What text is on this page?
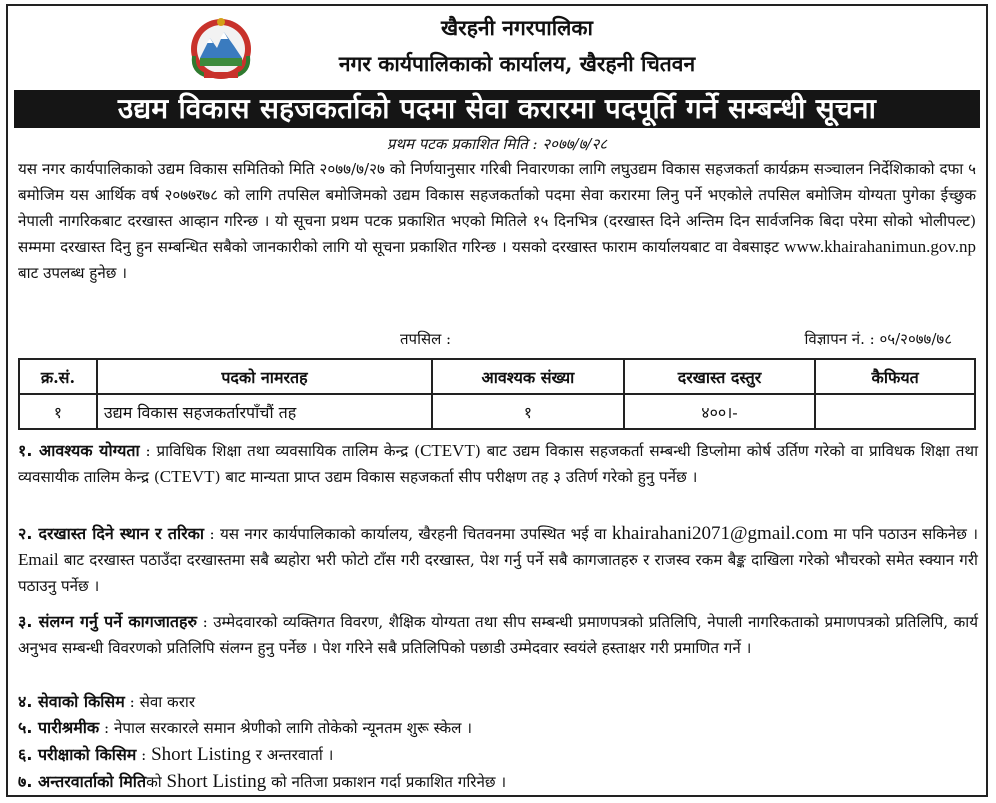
खैरहनी नगरपालिका
नगर कार्यपालिकाको कार्यालय, खैरहनी चितवन
उद्यम विकास सहजकर्ताको पदमा सेवा करारमा पदपूर्ति गर्ने सम्बन्धी सूचना
प्रथम पटक प्रकाशित मिति : २०७७/७/२८
यस नगर कार्यपालिकाको उद्यम विकास समितिको मिति २०७७/७/२७ को निर्णयानुसार गरिबी निवारणका लागि लघुउद्यम विकास सहजकर्ता कार्यक्रम सञ्चालन निर्देशिकाको दफा ५ बमोजिम यस आर्थिक वर्ष २०७७र७८ को लागि तपसिल बमोजिमको उद्यम विकास सहजकर्ताको पदमा सेवा करारमा लिनु पर्ने भएकोले तपसिल बमोजिम योग्यता पुगेका ईच्छुक नेपाली नागरिकबाट दरखास्त आव्हान गरिन्छ । यो सूचना प्रथम पटक प्रकाशित भएको मितिले १५ दिनभित्र (दरखास्त दिने अन्तिम दिन सार्वजनिक बिदा परेमा सोको भोलीपल्ट) सम्ममा दरखास्त दिनु हुन सम्बन्धित सबैको जानकारीको लागि यो सूचना प्रकाशित गरिन्छ । यसको दरखास्त फाराम कार्यालयबाट वा वेबसाइट www.khairahanimun.gov.np बाट उपलब्ध हुनेछ ।
तपसिल :	विज्ञापन नं. : ०५/२०७७/७८
क्र.सं.	पदको नामरतह	आवश्यक संख्या	दरखास्त दस्तुर	कैफियत
१	उद्यम विकास सहजकर्तारपाँचौं तह	१	४००।-	
१. आवश्यक योग्यता : प्राविधिक शिक्षा तथा व्यवसायिक तालिम केन्द्र (CTEVT) बाट उद्यम विकास सहजकर्ता सम्बन्धी डिप्लोमा कोर्ष उर्तिण गरेको वा प्राविधक शिक्षा तथा व्यवसायीक तालिम केन्द्र (CTEVT) बाट मान्यता प्राप्त उद्यम विकास सहजकर्ता सीप परीक्षण तह ३ उतिर्ण गरेको हुनु पर्नेछ ।
२. दरखास्त दिने स्थान र तरिका : यस नगर कार्यपालिकाको कार्यालय, खैरहनी चितवनमा उपस्थित भई वा khairahani2071@gmail.com मा पनि पठाउन सकिनेछ । Email बाट दरखास्त पठाउँदा दरखास्तमा सबै ब्यहोरा भरी फोटो टाँस गरी दरखास्त, पेश गर्नु पर्ने सबै कागजातहरु र राजस्व रकम बैङ्क दाखिला गरेको भौचरको समेत स्क्यान गरी पठाउनु पर्नेछ ।
३. संलग्न गर्नु पर्ने कागजातहरु : उम्मेदवारको व्यक्तिगत विवरण, शैक्षिक योग्यता तथा सीप सम्बन्धी प्रमाणपत्रको प्रतिलिपि, नेपाली नागरिकताको प्रमाणपत्रको प्रतिलिपि, कार्य अनुभव सम्बन्धी विवरणको प्रतिलिपि संलग्न हुनु पर्नेछ । पेश गरिने सबै प्रतिलिपिको पछाडी उम्मेदवार स्वयंले हस्ताक्षर गरी प्रमाणित गर्ने ।
४. सेवाको किसिम : सेवा करार
५. पारीश्रमीक : नेपाल सरकारले समान श्रेणीको लागि तोकेको न्यूनतम शुरू स्केल ।
६. परीक्षाको किसिम : Short Listing र अन्तरवार्ता ।
७. अन्तरवार्ताको मितिको Short Listing को नतिजा प्रकाशन गर्दा प्रकाशित गरिनेछ ।
